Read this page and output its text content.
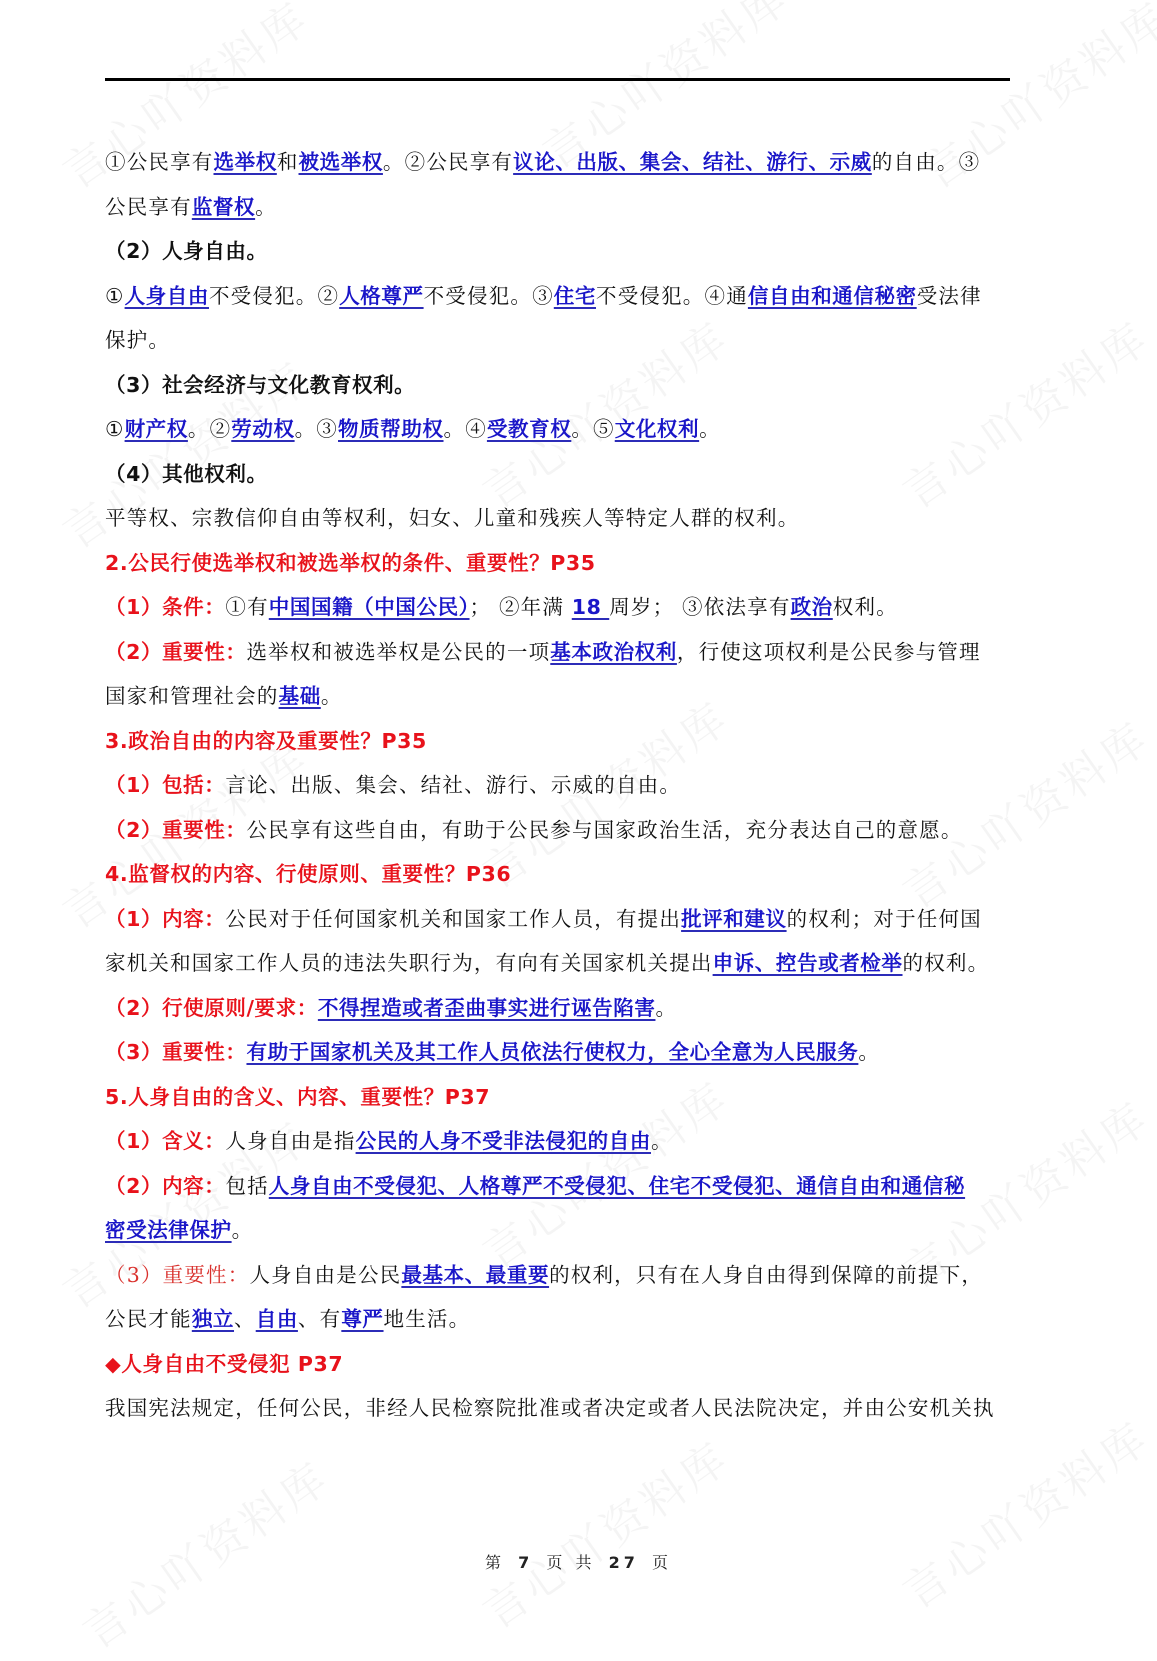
①公民享有选举权和被选举权。②公民享有议论、出版、集会、结社、游行、示威的自由。③
公民享有监督权。
（2）人身自由。
①人身自由不受侵犯。②人格尊严不受侵犯。③住宅不受侵犯。④通信自由和通信秘密受法律
保护。
（3）社会经济与文化教育权利。
①财产权。②劳动权。③物质帮助权。④受教育权。⑤文化权利。
（4）其他权利。
平等权、宗教信仰自由等权利，妇女、儿童和残疾人等特定人群的权利。
2.公民行使选举权和被选举权的条件、重要性？P35
（1）条件：①有中国国籍（中国公民）； ②年满 18 周岁； ③依法享有政治权利。
（2）重要性：选举权和被选举权是公民的一项基本政治权利，行使这项权利是公民参与管理
国家和管理社会的基础。
3.政治自由的内容及重要性？P35
（1）包括：言论、出版、集会、结社、游行、示威的自由。
（2）重要性：公民享有这些自由，有助于公民参与国家政治生活，充分表达自己的意愿。
4.监督权的内容、行使原则、重要性？P36
（1）内容：公民对于任何国家机关和国家工作人员，有提出批评和建议的权利；对于任何国
家机关和国家工作人员的违法失职行为，有向有关国家机关提出申诉、控告或者检举的权利。
（2）行使原则/要求：不得捏造或者歪曲事实进行诬告陷害。
（3）重要性：有助于国家机关及其工作人员依法行使权力，全心全意为人民服务。
5.人身自由的含义、内容、重要性？P37
（1）含义：人身自由是指公民的人身不受非法侵犯的自由。
（2）内容：包括人身自由不受侵犯、人格尊严不受侵犯、住宅不受侵犯、通信自由和通信秘
密受法律保护。
（3）重要性：人身自由是公民最基本、最重要的权利，只有在人身自由得到保障的前提下，
公民才能独立、自由、有尊严地生活。
◆人身自由不受侵犯 P37
我国宪法规定，任何公民，非经人民检察院批准或者决定或者人民法院决定，并由公安机关执
第 7 页 共 27 页
